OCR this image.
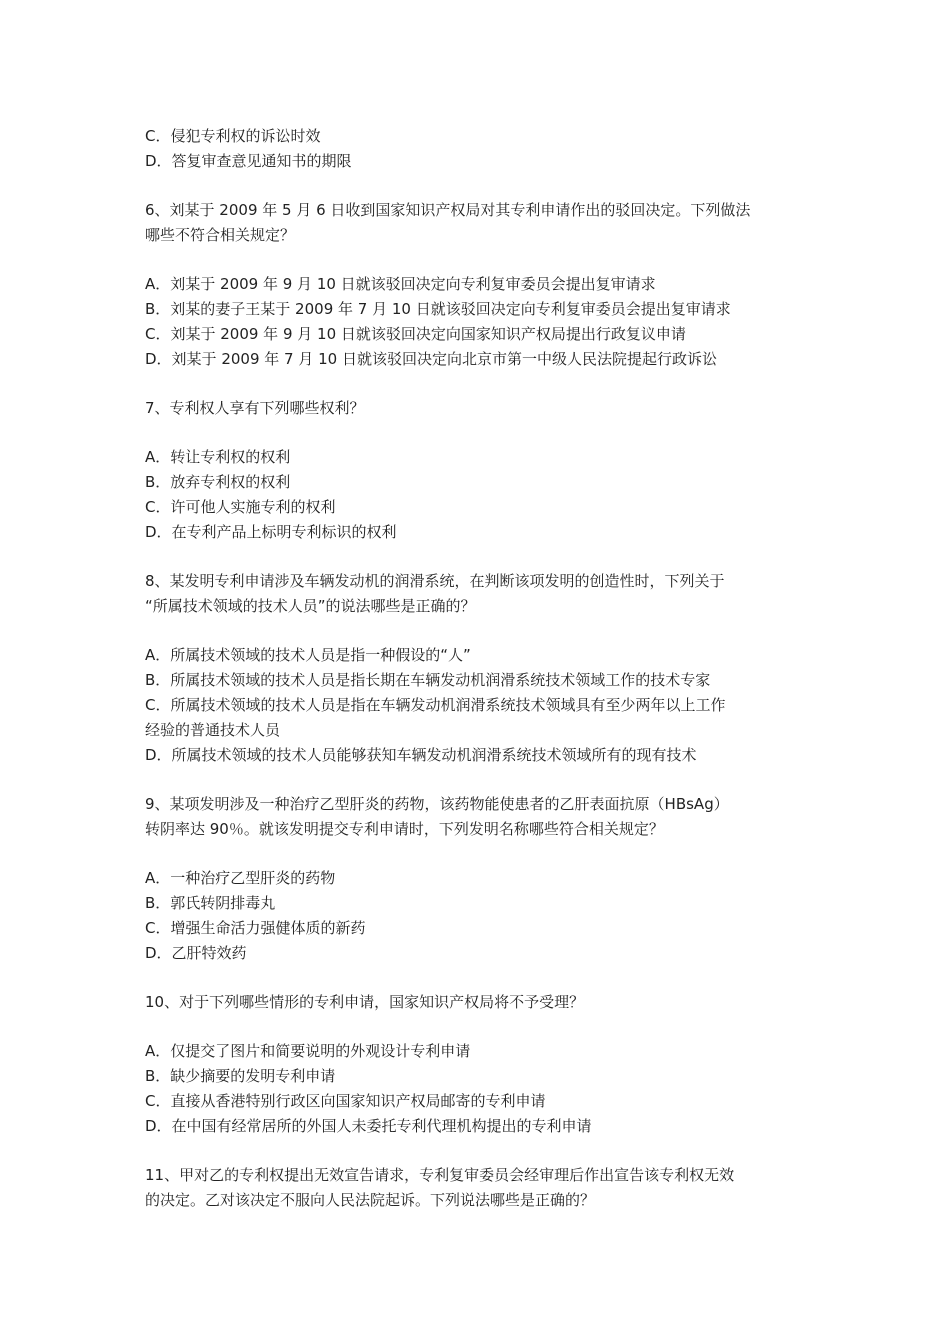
C．侵犯专利权的诉讼时效
D．答复审查意见通知书的期限
6、刘某于 2009 年 5 月 6 日收到国家知识产权局对其专利申请作出的驳回决定。下列做法
哪些不符合相关规定？
A．刘某于 2009 年 9 月 10 日就该驳回决定向专利复审委员会提出复审请求
B．刘某的妻子王某于 2009 年 7 月 10 日就该驳回决定向专利复审委员会提出复审请求
C．刘某于 2009 年 9 月 10 日就该驳回决定向国家知识产权局提出行政复议申请
D．刘某于 2009 年 7 月 10 日就该驳回决定向北京市第一中级人民法院提起行政诉讼
7、专利权人享有下列哪些权利？
A．转让专利权的权利
B．放弃专利权的权利
C．许可他人实施专利的权利
D．在专利产品上标明专利标识的权利
8、某发明专利申请涉及车辆发动机的润滑系统，在判断该项发明的创造性时，下列关于
“所属技术领域的技术人员”的说法哪些是正确的？
A．所属技术领域的技术人员是指一种假设的“人”
B．所属技术领域的技术人员是指长期在车辆发动机润滑系统技术领域工作的技术专家
C．所属技术领域的技术人员是指在车辆发动机润滑系统技术领域具有至少两年以上工作
经验的普通技术人员
D．所属技术领域的技术人员能够获知车辆发动机润滑系统技术领域所有的现有技术
9、某项发明涉及一种治疗乙型肝炎的药物，该药物能使患者的乙肝表面抗原（HBsAg）
转阴率达 90％。就该发明提交专利申请时，下列发明名称哪些符合相关规定？
A．一种治疗乙型肝炎的药物
B．郭氏转阴排毒丸
C．增强生命活力强健体质的新药
D．乙肝特效药
10、对于下列哪些情形的专利申请，国家知识产权局将不予受理？
A．仅提交了图片和简要说明的外观设计专利申请
B．缺少摘要的发明专利申请
C．直接从香港特别行政区向国家知识产权局邮寄的专利申请
D．在中国有经常居所的外国人未委托专利代理机构提出的专利申请
11、甲对乙的专利权提出无效宣告请求，专利复审委员会经审理后作出宣告该专利权无效
的决定。乙对该决定不服向人民法院起诉。下列说法哪些是正确的？
